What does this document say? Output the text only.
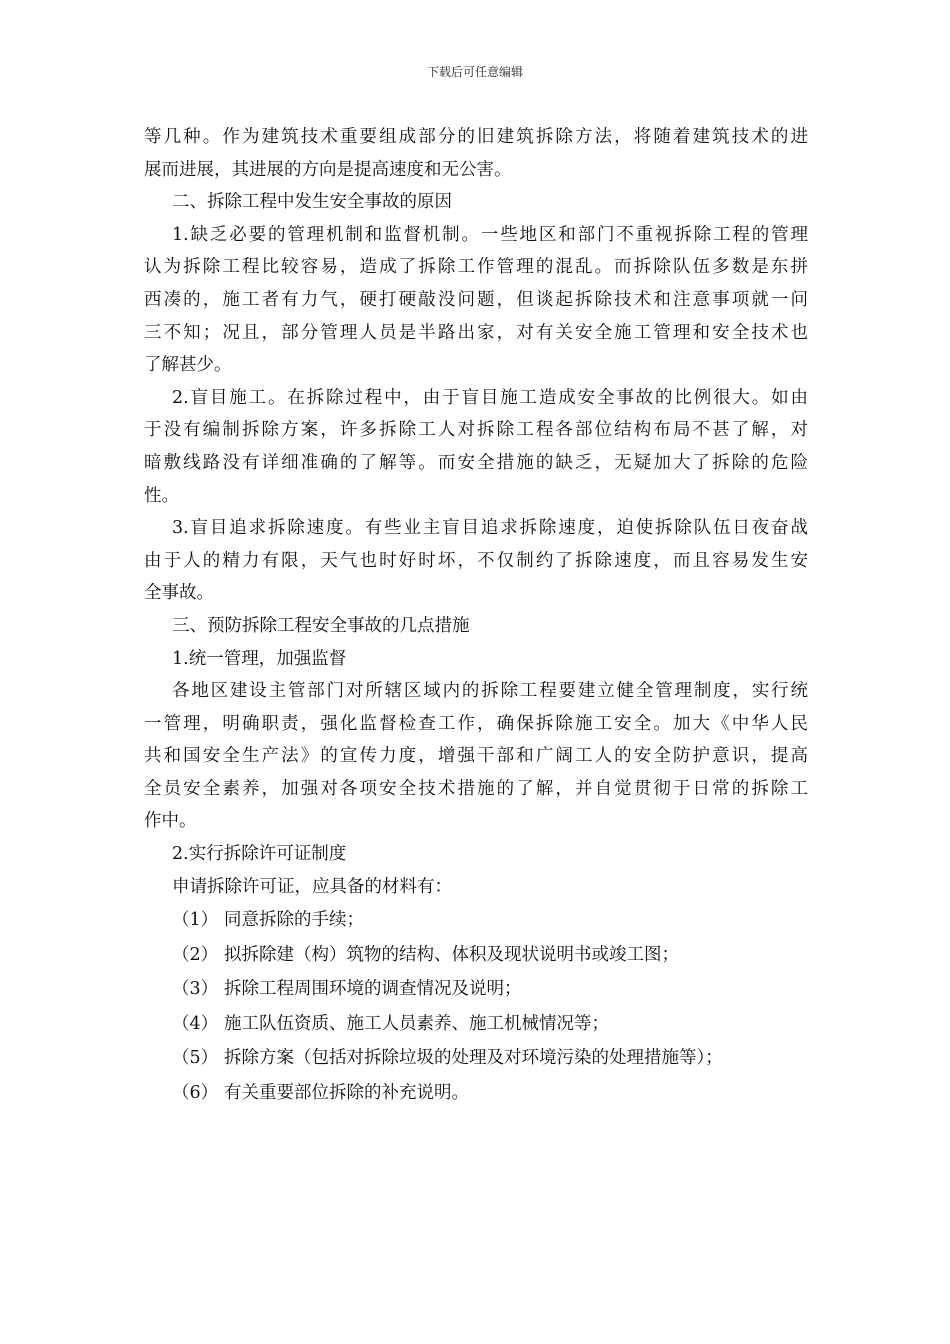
下载后可任意编辑
等几种。作为建筑技术重要组成部分的旧建筑拆除方法，将随着建筑技术的进
展而进展，其进展的方向是提高速度和无公害。
二、拆除工程中发生安全事故的原因
1.缺乏必要的管理机制和监督机制。一些地区和部门不重视拆除工程的管理
认为拆除工程比较容易，造成了拆除工作管理的混乱。而拆除队伍多数是东拼
西凑的，施工者有力气，硬打硬敲没问题，但谈起拆除技术和注意事项就一问
三不知；况且，部分管理人员是半路出家，对有关安全施工管理和安全技术也
了解甚少。
2.盲目施工。在拆除过程中，由于盲目施工造成安全事故的比例很大。如由
于没有编制拆除方案，许多拆除工人对拆除工程各部位结构布局不甚了解，对
暗敷线路没有详细准确的了解等。而安全措施的缺乏，无疑加大了拆除的危险
性。
3.盲目追求拆除速度。有些业主盲目追求拆除速度，迫使拆除队伍日夜奋战
由于人的精力有限，天气也时好时坏，不仅制约了拆除速度，而且容易发生安
全事故。
三、预防拆除工程安全事故的几点措施
1.统一管理，加强监督
各地区建设主管部门对所辖区域内的拆除工程要建立健全管理制度，实行统
一管理，明确职责，强化监督检查工作，确保拆除施工安全。加大《中华人民
共和国安全生产法》的宣传力度，增强干部和广阔工人的安全防护意识，提高
全员安全素养，加强对各项安全技术措施的了解，并自觉贯彻于日常的拆除工
作中。
2.实行拆除许可证制度
申请拆除许可证，应具备的材料有：
（1） 同意拆除的手续；
（2） 拟拆除建（构）筑物的结构、体积及现状说明书或竣工图；
（3） 拆除工程周围环境的调查情况及说明；
（4） 施工队伍资质、施工人员素养、施工机械情况等；
（5） 拆除方案（包括对拆除垃圾的处理及对环境污染的处理措施等）；
（6） 有关重要部位拆除的补充说明。
